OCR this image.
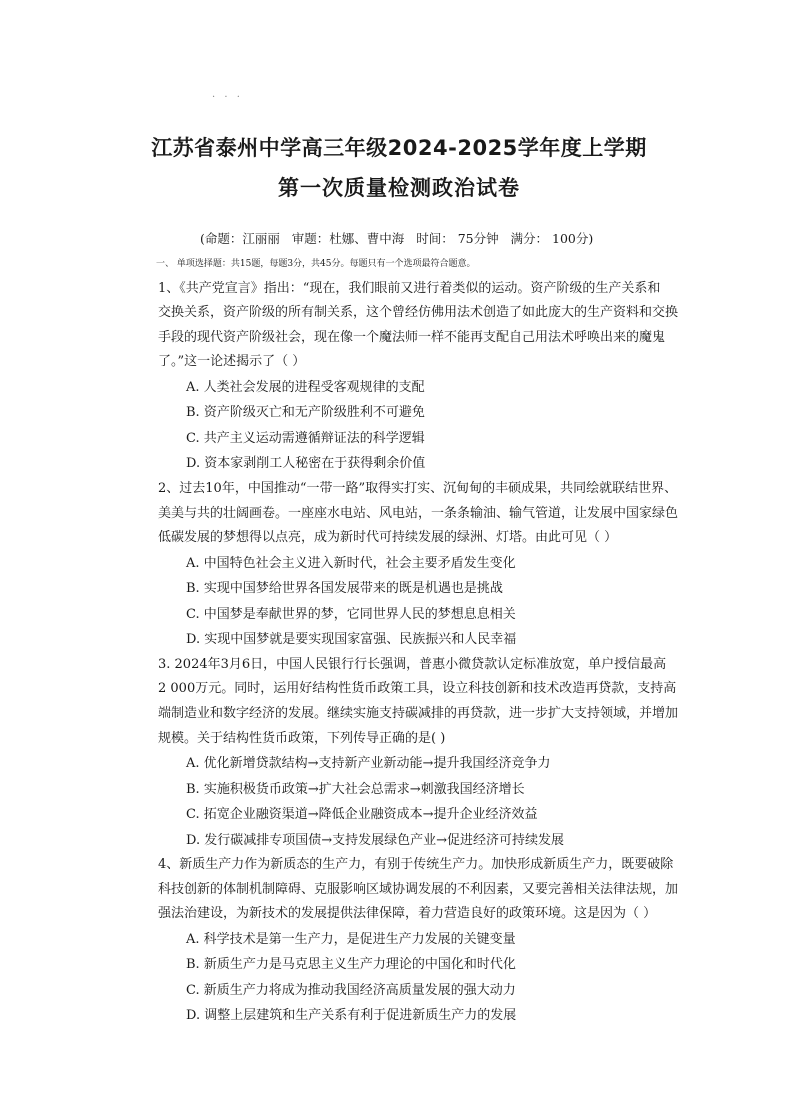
· · ·
江苏省泰州中学高三年级2024-2025学年度上学期
第一次质量检测政治试卷
(命题：江丽丽   审题：杜娜、曹中海   时间： 75分钟   满分： 100分)
一、 单项选择题：共15题，每题3分，共45分。每题只有一个选项最符合题意。
1、《共产党宣言》指出：“现在，我们眼前又进行着类似的运动。资产阶级的生产关系和
交换关系，资产阶级的所有制关系，这个曾经仿佛用法术创造了如此庞大的生产资料和交换
手段的现代资产阶级社会，现在像一个魔法师一样不能再支配自己用法术呼唤出来的魔鬼
了。”这一论述揭示了（ ）
A. 人类社会发展的进程受客观规律的支配
B. 资产阶级灭亡和无产阶级胜利不可避免
C. 共产主义运动需遵循辩证法的科学逻辑
D. 资本家剥削工人秘密在于获得剩余价值
2、过去10年，中国推动“一带一路”取得实打实、沉甸甸的丰硕成果，共同绘就联结世界、
美美与共的壮阔画卷。一座座水电站、风电站，一条条输油、输气管道，让发展中国家绿色
低碳发展的梦想得以点亮，成为新时代可持续发展的绿洲、灯塔。由此可见（ ）
A. 中国特色社会主义进入新时代，社会主要矛盾发生变化
B. 实现中国梦给世界各国发展带来的既是机遇也是挑战
C. 中国梦是奉献世界的梦，它同世界人民的梦想息息相关
D. 实现中国梦就是要实现国家富强、民族振兴和人民幸福
3. 2024年3月6日，中国人民银行行长强调，普惠小微贷款认定标准放宽，单户授信最高
2 000万元。同时，运用好结构性货币政策工具，设立科技创新和技术改造再贷款，支持高
端制造业和数字经济的发展。继续实施支持碳减排的再贷款，进一步扩大支持领域，并增加
规模。关于结构性货币政策，下列传导正确的是( )
A. 优化新增贷款结构→支持新产业新动能→提升我国经济竞争力
B. 实施积极货币政策→扩大社会总需求→刺激我国经济增长
C. 拓宽企业融资渠道→降低企业融资成本→提升企业经济效益
D. 发行碳减排专项国债→支持发展绿色产业→促进经济可持续发展
4、新质生产力作为新质态的生产力，有别于传统生产力。加快形成新质生产力，既要破除
科技创新的体制机制障碍、克服影响区域协调发展的不利因素，又要完善相关法律法规，加
强法治建设，为新技术的发展提供法律保障，着力营造良好的政策环境。这是因为（ ）
A. 科学技术是第一生产力，是促进生产力发展的关键变量
B. 新质生产力是马克思主义生产力理论的中国化和时代化
C. 新质生产力将成为推动我国经济高质量发展的强大动力
D. 调整上层建筑和生产关系有利于促进新质生产力的发展
